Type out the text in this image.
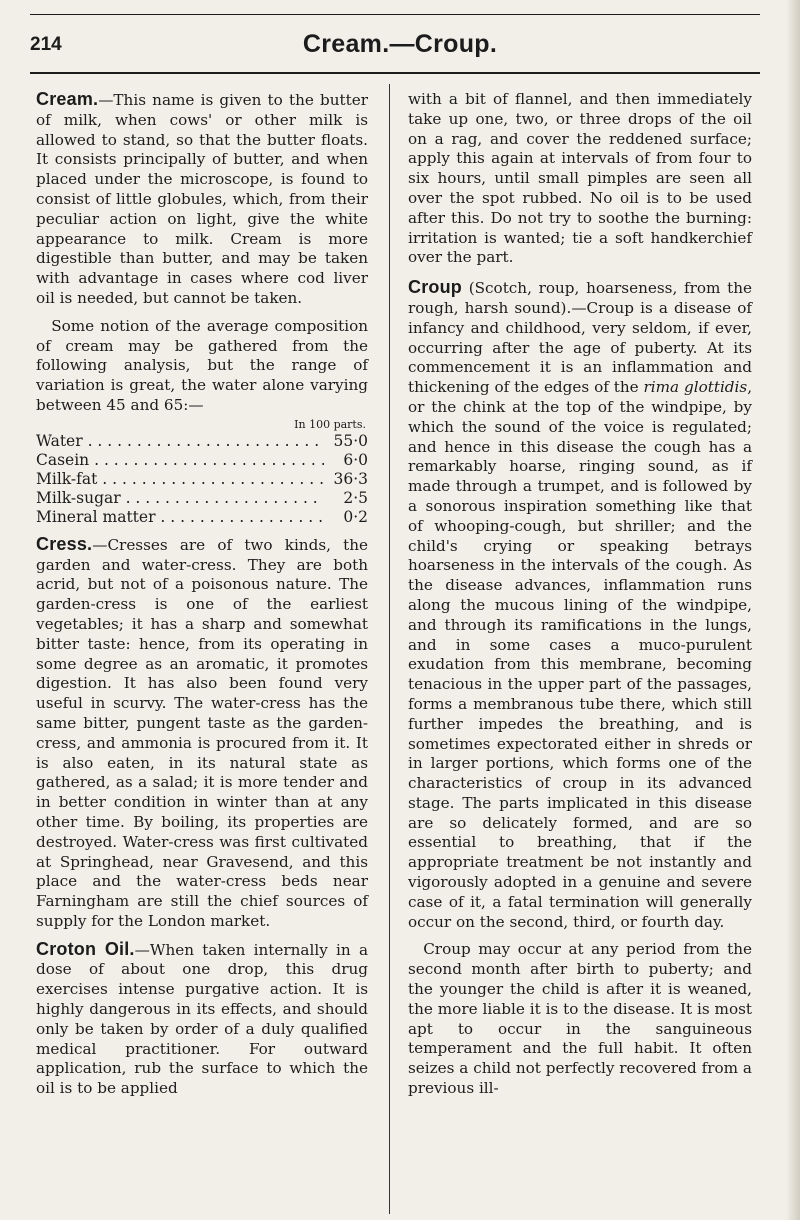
214	Cream.—Croup.

Cream.—This name is given to the butter of milk, when cows' or other milk is allowed to stand, so that the butter floats. It consists principally of butter, and when placed under the microscope, is found to consist of little globules, which, from their peculiar action on light, give the white appearance to milk. Cream is more digestible than butter, and may be taken with advantage in cases where cod liver oil is needed, but cannot be taken.

Some notion of the average composition of cream may be gathered from the following analysis, but the range of variation is great, the water alone varying between 45 and 65:—

In 100 parts.
Water . . .	55·0
Casein . . .	6·0
Milk-fat . . .	36·3
Milk-sugar . . .	2·5
Mineral matter . . .	0·2

Cress.—Cresses are of two kinds, the garden and water-cress. They are both acrid, but not of a poisonous nature. The garden-cress is one of the earliest vegetables; it has a sharp and somewhat bitter taste: hence, from its operating in some degree as an aromatic, it promotes digestion. It has also been found very useful in scurvy. The water-cress has the same bitter, pungent taste as the garden-cress, and ammonia is procured from it. It is also eaten, in its natural state as gathered, as a salad; it is more tender and in better condition in winter than at any other time. By boiling, its properties are destroyed. Water-cress was first cultivated at Springhead, near Gravesend, and this place and the water-cress beds near Farningham are still the chief sources of supply for the London market.

Croton Oil.—When taken internally in a dose of about one drop, this drug exercises intense purgative action. It is highly dangerous in its effects, and should only be taken by order of a duly qualified medical practitioner. For outward application, rub the surface to which the oil is to be applied

with a bit of flannel, and then immediately take up one, two, or three drops of the oil on a rag, and cover the reddened surface; apply this again at intervals of from four to six hours, until small pimples are seen all over the spot rubbed. No oil is to be used after this. Do not try to soothe the burning: irritation is wanted; tie a soft handkerchief over the part.

Croup (Scotch, roup, hoarseness, from the rough, harsh sound).—Croup is a disease of infancy and childhood, very seldom, if ever, occurring after the age of puberty. At its commencement it is an inflammation and thickening of the edges of the rima glottidis, or the chink at the top of the windpipe, by which the sound of the voice is regulated; and hence in this disease the cough has a remarkably hoarse, ringing sound, as if made through a trumpet, and is followed by a sonorous inspiration something like that of whooping-cough, but shriller; and the child's crying or speaking betrays hoarseness in the intervals of the cough. As the disease advances, inflammation runs along the mucous lining of the windpipe, and through its ramifications in the lungs, and in some cases a muco-purulent exudation from this membrane, becoming tenacious in the upper part of the passages, forms a membranous tube there, which still further impedes the breathing, and is sometimes expectorated either in shreds or in larger portions, which forms one of the characteristics of croup in its advanced stage. The parts implicated in this disease are so delicately formed, and are so essential to breathing, that if the appropriate treatment be not instantly and vigorously adopted in a genuine and severe case of it, a fatal termination will generally occur on the second, third, or fourth day.

Croup may occur at any period from the second month after birth to puberty; and the younger the child is after it is weaned, the more liable it is to the disease. It is most apt to occur in the sanguineous temperament and the full habit. It often seizes a child not perfectly recovered from a previous ill-
